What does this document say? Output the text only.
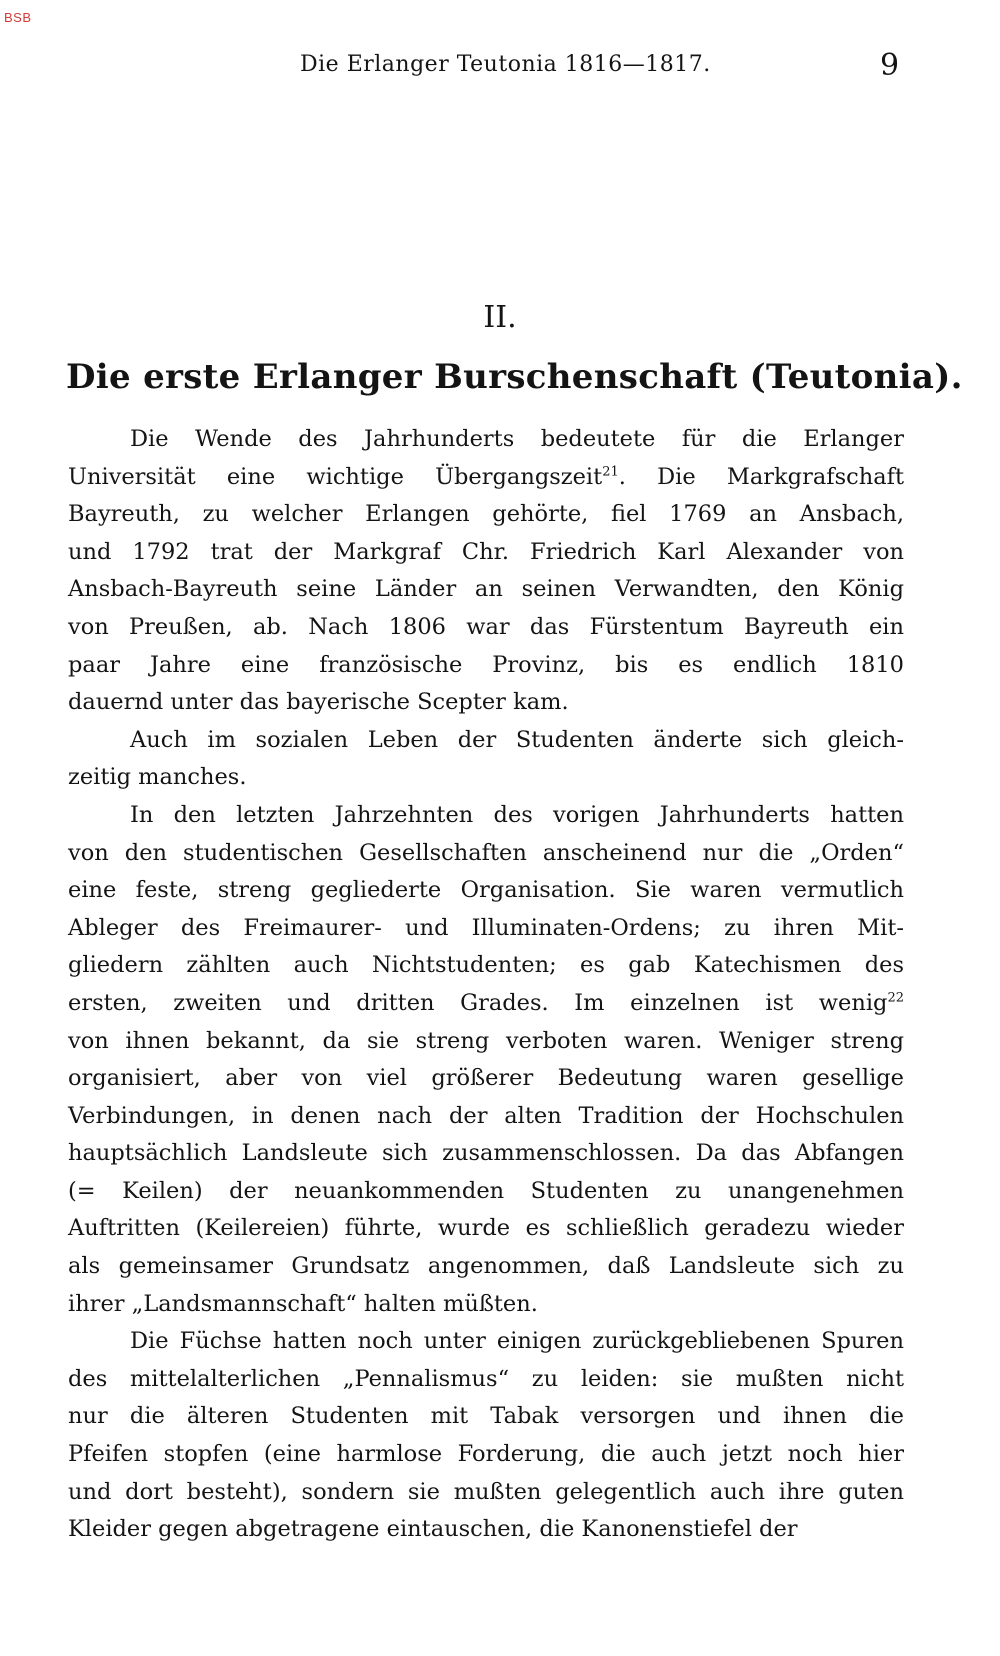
BSB
Die Erlanger Teutonia 1816—1817.	9
II.
Die erste Erlanger Burschenschaft (Teutonia).
Die Wende des Jahrhunderts bedeutete für die Erlanger
Universität eine wichtige Übergangszeit$^{21}$. Die Markgrafschaft
Bayreuth, zu welcher Erlangen gehörte, fiel 1769 an Ansbach,
und 1792 trat der Markgraf Chr. Friedrich Karl Alexander von
Ansbach-Bayreuth seine Länder an seinen Verwandten, den König
von Preußen, ab. Nach 1806 war das Fürstentum Bayreuth ein
paar Jahre eine französische Provinz, bis es endlich 1810
dauernd unter das bayerische Scepter kam.
Auch im sozialen Leben der Studenten änderte sich gleich-
zeitig manches.
In den letzten Jahrzehnten des vorigen Jahrhunderts hatten
von den studentischen Gesellschaften anscheinend nur die „Orden“
eine feste, streng gegliederte Organisation. Sie waren vermutlich
Ableger des Freimaurer- und Illuminaten-Ordens; zu ihren Mit-
gliedern zählten auch Nichtstudenten; es gab Katechismen des
ersten, zweiten und dritten Grades. Im einzelnen ist wenig$^{22}$
von ihnen bekannt, da sie streng verboten waren. Weniger streng
organisiert, aber von viel größerer Bedeutung waren gesellige
Verbindungen, in denen nach der alten Tradition der Hochschulen
hauptsächlich Landsleute sich zusammenschlossen. Da das Abfangen
(= Keilen) der neuankommenden Studenten zu unangenehmen
Auftritten (Keilereien) führte, wurde es schließlich geradezu wieder
als gemeinsamer Grundsatz angenommen, daß Landsleute sich zu
ihrer „Landsmannschaft“ halten müßten.
Die Füchse hatten noch unter einigen zurückgebliebenen Spuren
des mittelalterlichen „Pennalismus“ zu leiden: sie mußten nicht
nur die älteren Studenten mit Tabak versorgen und ihnen die
Pfeifen stopfen (eine harmlose Forderung, die auch jetzt noch hier
und dort besteht), sondern sie mußten gelegentlich auch ihre guten
Kleider gegen abgetragene eintauschen, die Kanonenstiefel der
